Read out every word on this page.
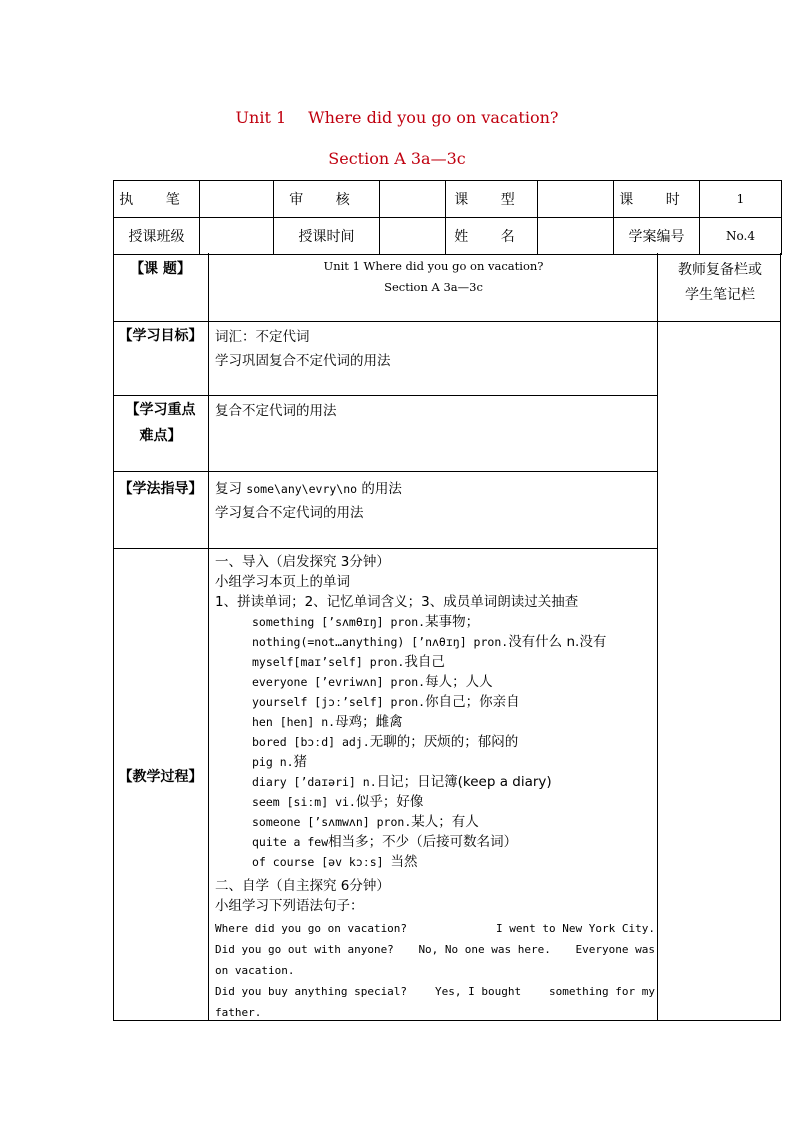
Unit 1 Where did you go on vacation?
Section A 3a—3c
执 笔		审 核		课 型		课 时	1
授课班级		授课时间		姓 名		学案编号	No.4
【课 题】	Unit 1 Where did you go on vacation?
Section A 3a—3c
教师复备栏或
学生笔记栏
【学习目标】 词汇：不定代词
学习巩固复合不定代词的用法
【学习重点
难点】
复合不定代词的用法
【学法指导】 复习 some\any\evry\no 的用法
学习复合不定代词的用法
【教学过程】
一、导入（启发探究 3分钟）
小组学习本页上的单词
1、拼读单词；2、记忆单词含义；3、成员单词朗读过关抽查
something [’sʌmθɪŋ] pron.某事物；
nothing(=not…anything) [’nʌθɪŋ] pron.没有什么 n.没有
myself[maɪ’self] pron.我自己
everyone [’evriwʌn] pron.每人；人人
yourself [jɔː’self] pron.你自己；你亲自
hen [hen] n.母鸡；雌禽
bored [bɔːd] adj.无聊的；厌烦的；郁闷的
pig n.猪
diary [’daɪəri] n.日记；日记簿(keep a diary)
seem [siːm] vi.似乎；好像
someone [’sʌmwʌn] pron.某人；有人
quite a few相当多；不少（后接可数名词）
of course [əv kɔːs] 当然
二、自学（自主探究 6分钟）
小组学习下列语法句子：
Where did you go on vacation?	I went to New York City.
Did you go out with anyone? No, No one was here. Everyone was
on vacation.
Did you buy anything special?	Yes, I bought	something for my
father.
